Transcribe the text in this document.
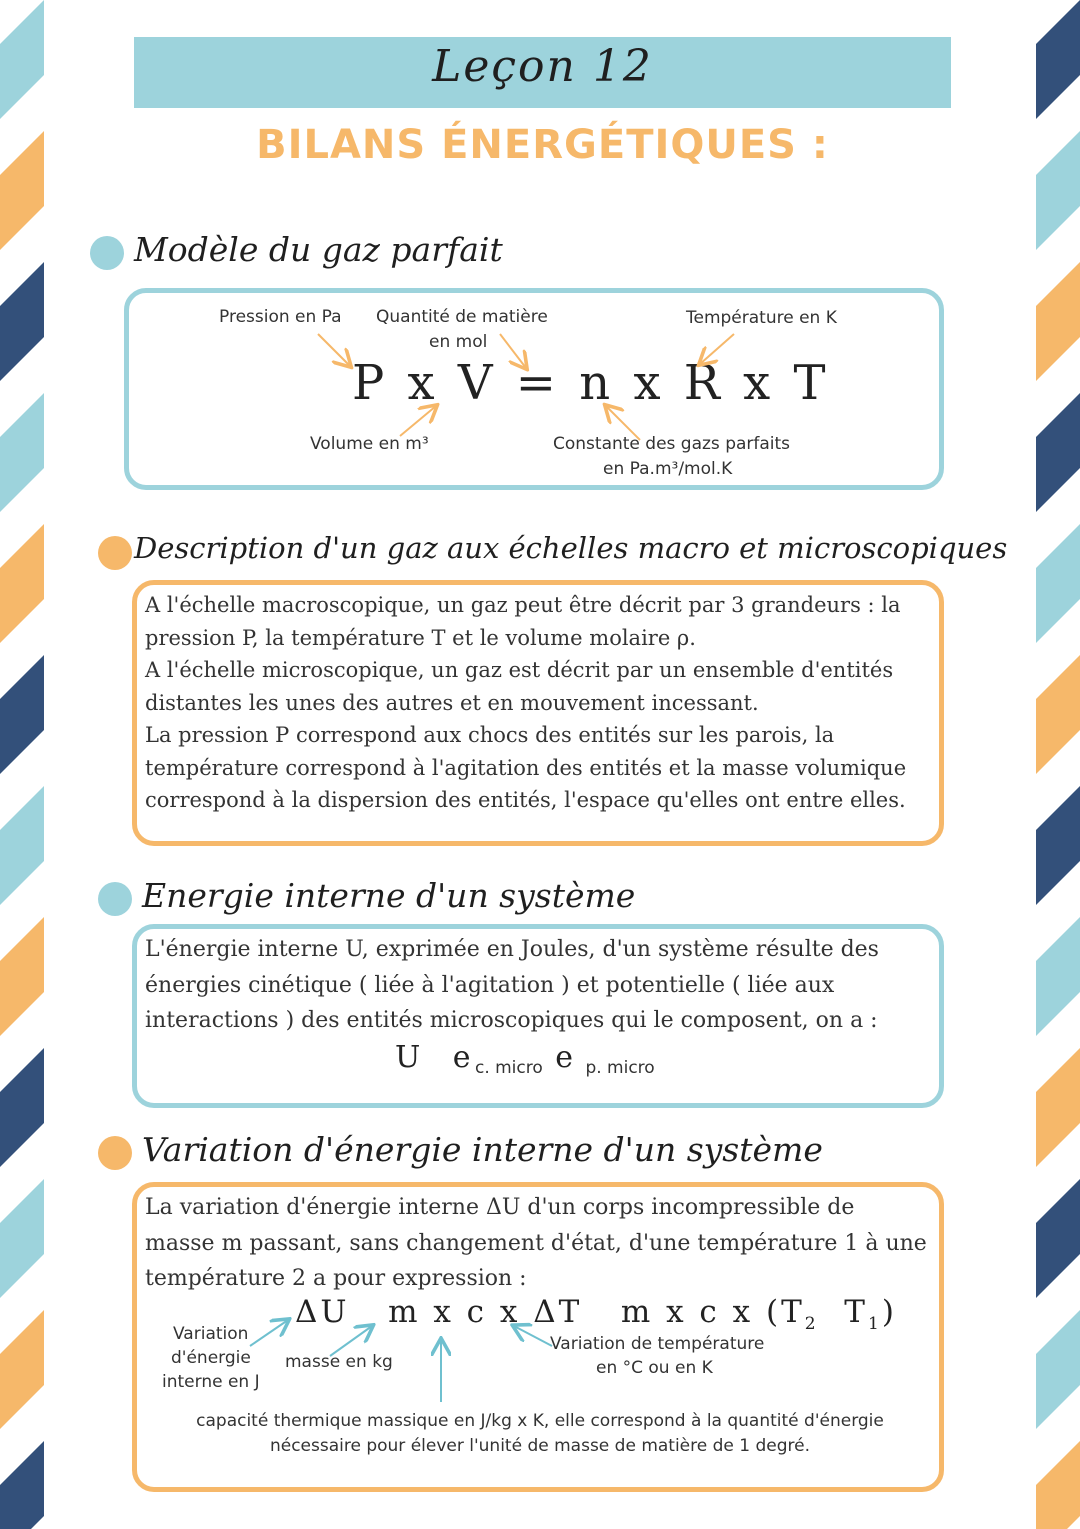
Leçon 12
BILANS ÉNERGÉTIQUES :
Modèle du gaz parfait
Pression en Pa Quantité de matière
en mol
Température en K
P x V = n x R x T
Volume en m³	Constante des gazs parfaits
en Pa.m³/mol.K
Description d'un gaz aux échelles macro et microscopiques

A l'échelle macroscopique, un gaz peut être décrit par 3 grandeurs : la pression P, la température T et le volume molaire ρ.

A l'échelle microscopique, un gaz est décrit par un ensemble d'entités distantes les unes des autres et en mouvement incessant.

La pression P correspond aux chocs des entités sur les parois, la température correspond à l'agitation des entités et la masse volumique correspond à la dispersion des entités, l'espace qu'elles ont entre elles.

Energie interne d'un système
L'énergie interne U, exprimée en Joules, d'un système résulte des énergies cinétique ( liée à l'agitation ) et potentielle ( liée aux interactions ) des entités microscopiques qui le composent, on a :
U e c. micro e p. micro
Variation d'énergie interne d'un système
La variation d'énergie interne ΔU d'un corps incompressible de masse m passant, sans changement d'état, d'une température 1 à une température 2 a pour expression :
ΔU   m x c x ΔT   m x c x ($T_2$  $T_1$)
Variation
d'énergie
interne en J
masse en kg
Variation de température
en °C ou en K
capacité thermique massique en J/kg x K, elle correspond à la quantité d'énergie
nécessaire pour élever l'unité de masse de matière de 1 degré.
